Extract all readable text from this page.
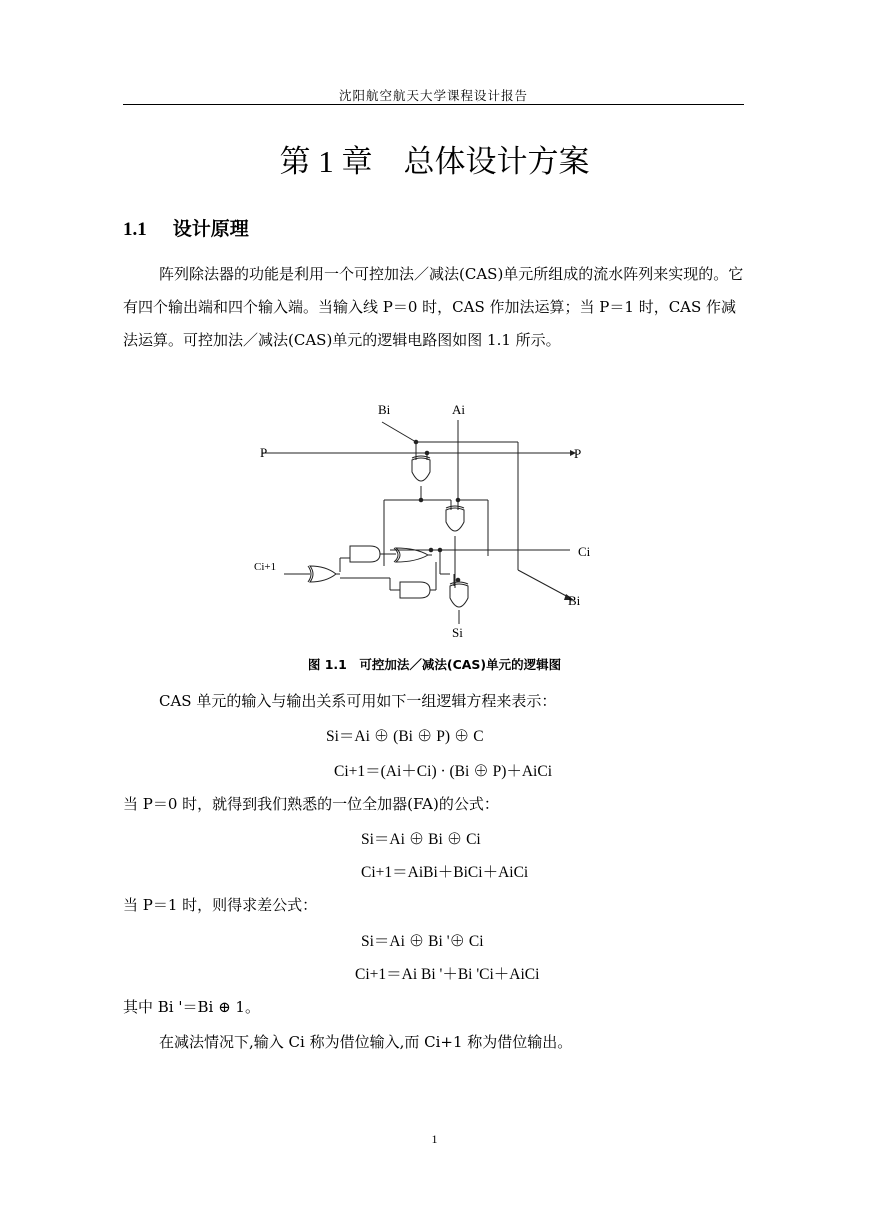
沈阳航空航天大学课程设计报告
第 1 章　 总体设计方案
1.1 设计原理

阵列除法器的功能是利用一个可控加法／减法(CAS)单元所组成的流水阵列来实现的。它有四个输出端和四个输入端。当输入线 P＝0 时，CAS 作加法运算；当 P＝1 时，CAS 作减法运算。可控加法／减法(CAS)单元的逻辑电路图如图 1.1 所示。

Bi	Ai
P	P
Ci
Ci+1
Bi
Si
图 1.1　可控加法／减法(CAS)单元的逻辑图
CAS 单元的输入与输出关系可用如下一组逻辑方程来表示：
Si＝Ai ⊕ (Bi ⊕ P) ⊕ C
Ci+1＝(Ai＋Ci) · (Bi ⊕ P)＋AiCi
当 P＝0 时，就得到我们熟悉的一位全加器(FA)的公式：
Si＝Ai ⊕ Bi ⊕ Ci
Ci+1＝AiBi＋BiCi＋AiCi
当 P＝1 时，则得求差公式：
Si＝Ai ⊕ Bi '⊕ Ci
Ci+1＝Ai Bi '＋Bi 'Ci＋AiCi
其中 Bi '＝Bi ⊕ 1。
在减法情况下,输入 Ci 称为借位输入,而 Ci+1 称为借位输出。
1
